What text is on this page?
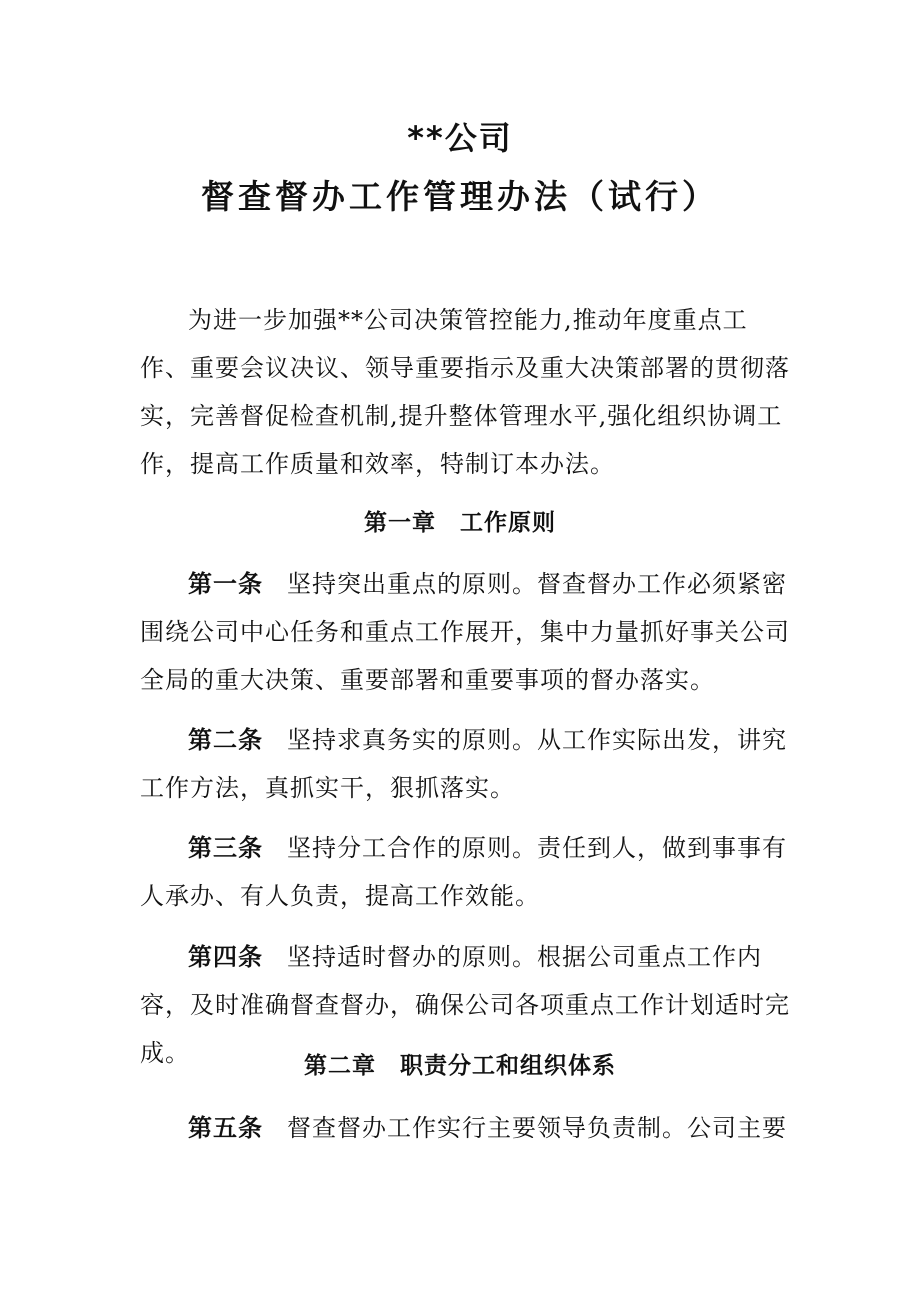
**公司
督查督办工作管理办法（试行）

为进一步加强**公司决策管控能力,推动年度重点工作、重要会议决议、领导重要指示及重大决策部署的贯彻落实，完善督促检查机制,提升整体管理水平,强化组织协调工作，提高工作质量和效率，特制订本办法。

第一章 工作原则

第一条 坚持突出重点的原则。督查督办工作必须紧密围绕公司中心任务和重点工作展开，集中力量抓好事关公司全局的重大决策、重要部署和重要事项的督办落实。

第二条 坚持求真务实的原则。从工作实际出发，讲究工作方法，真抓实干，狠抓落实。

第三条 坚持分工合作的原则。责任到人，做到事事有人承办、有人负责，提高工作效能。

第四条 坚持适时督办的原则。根据公司重点工作内容，及时准确督查督办，确保公司各项重点工作计划适时完成。	第二章 职责分工和组织体系

第五条 督查督办工作实行主要领导负责制。公司主要
